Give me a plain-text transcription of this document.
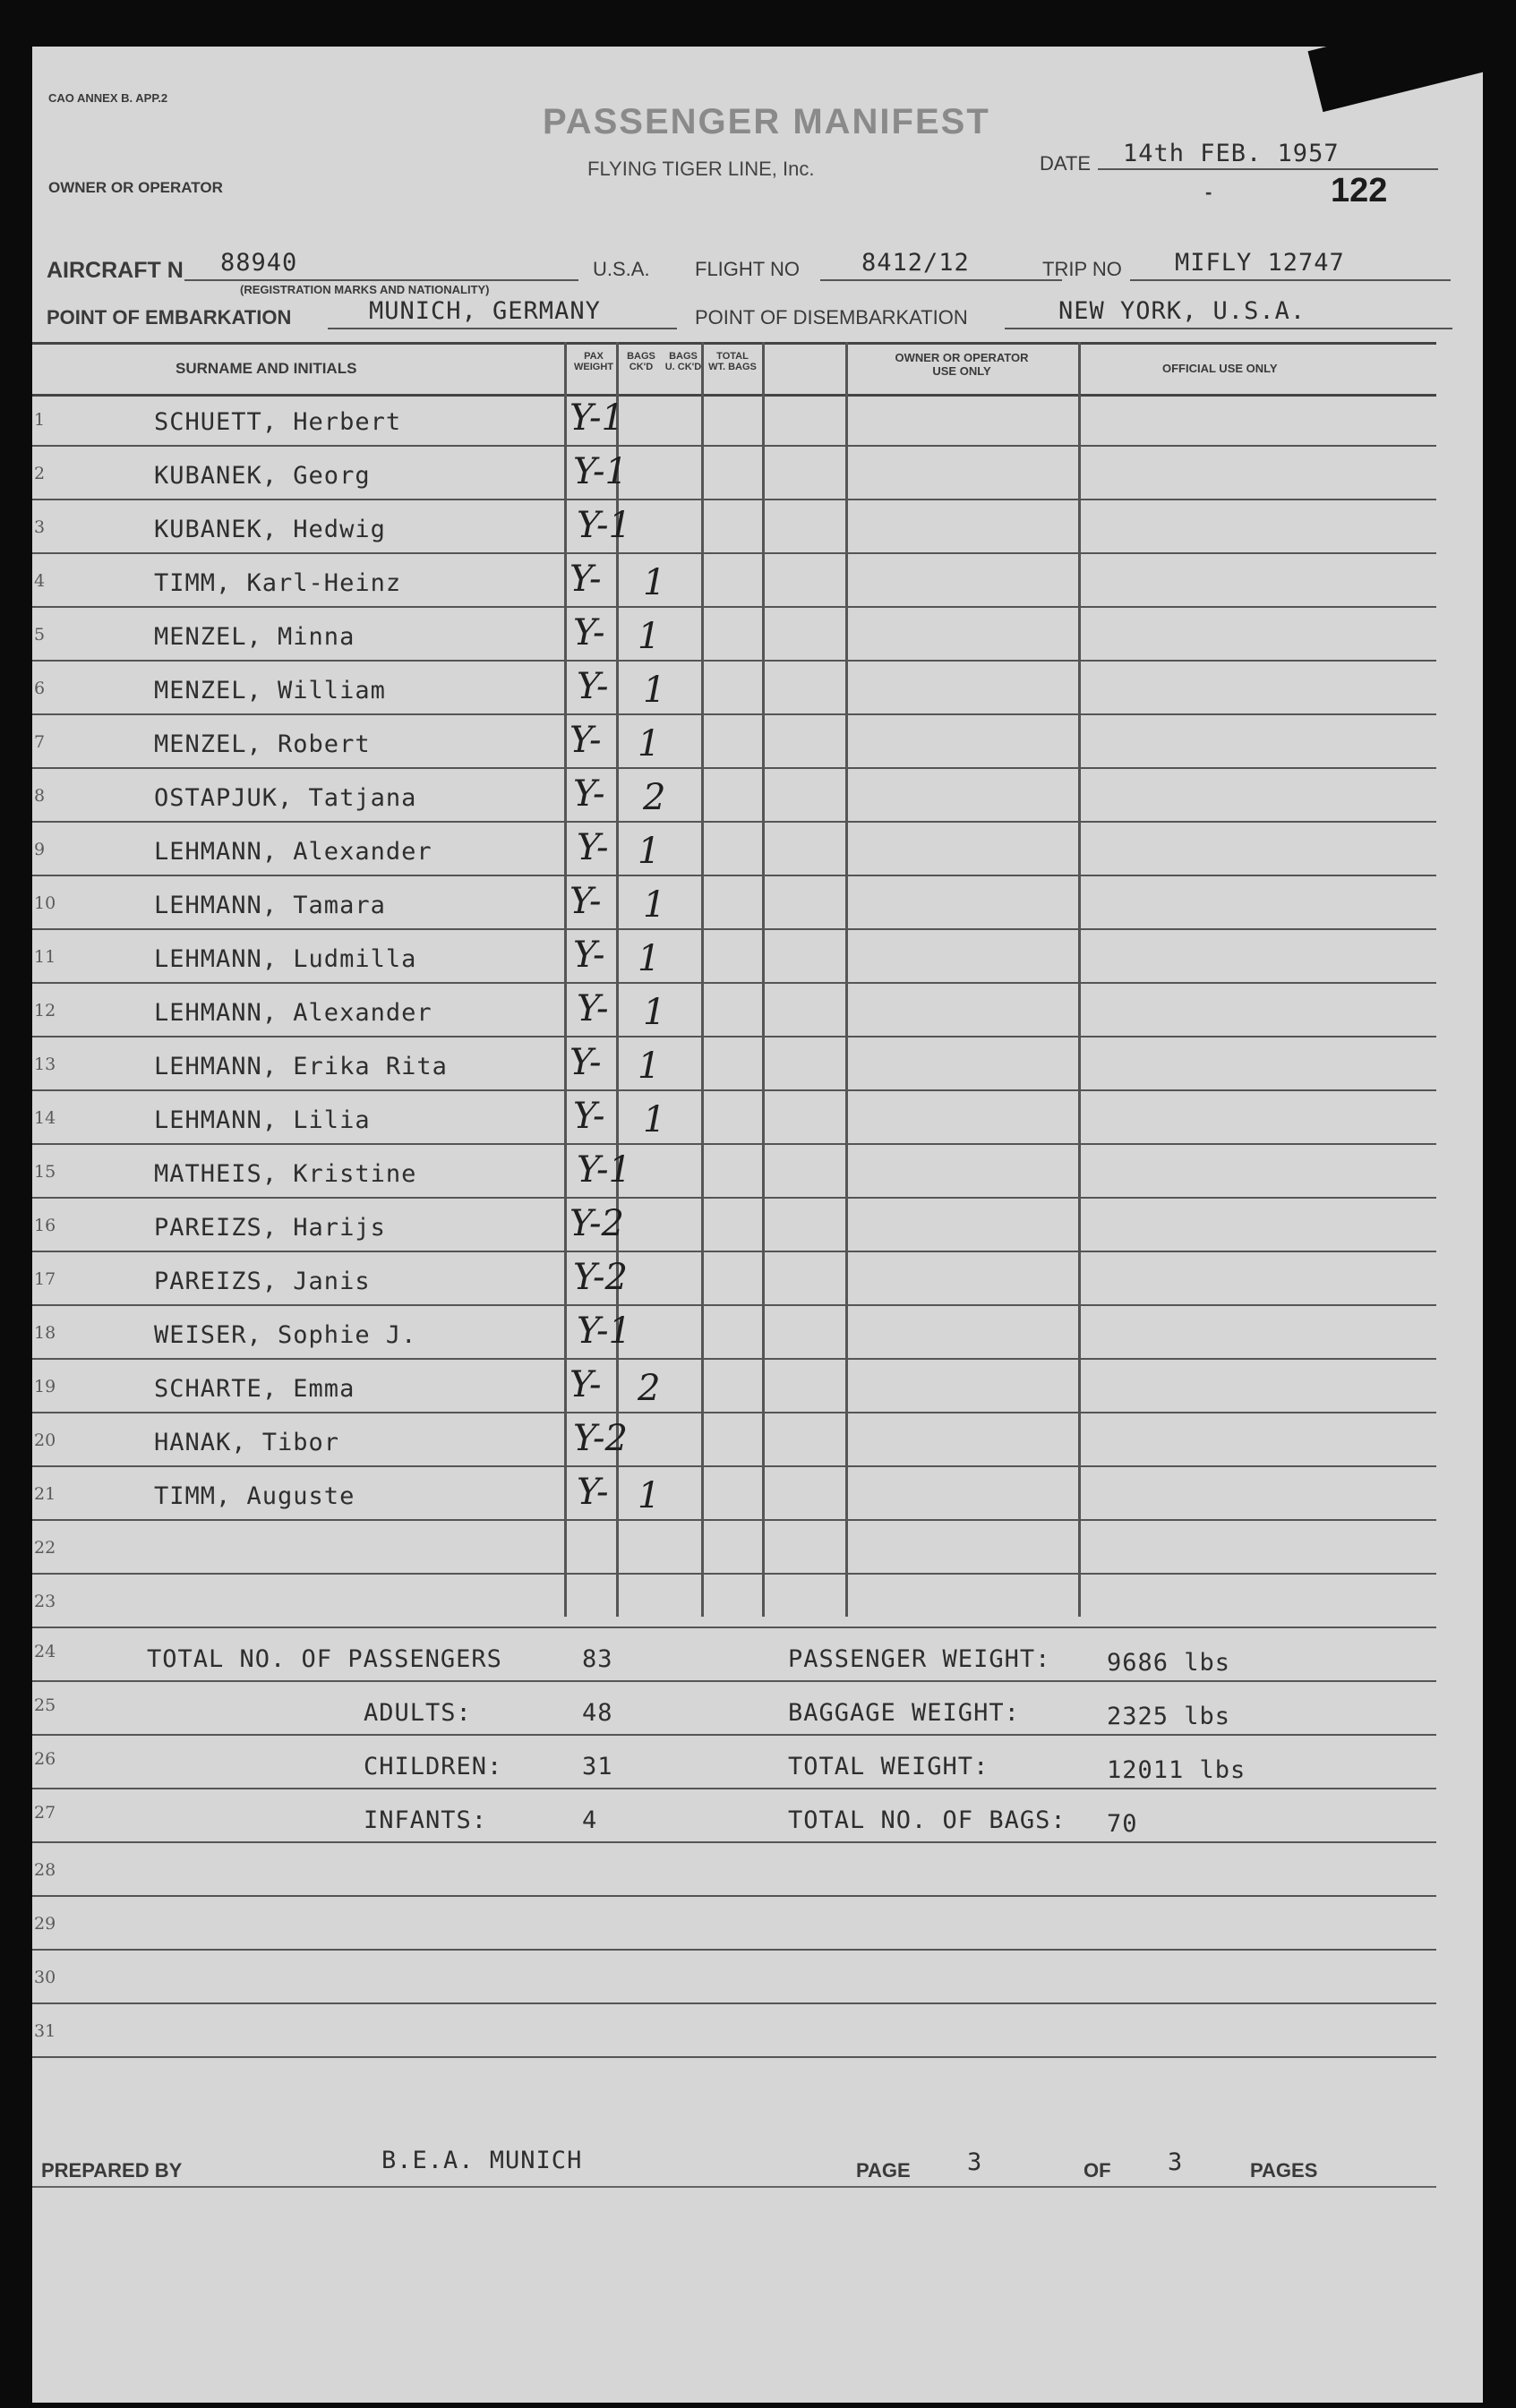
CAO ANNEX B. APP.2
PASSENGER MANIFEST
FLYING TIGER LINE, Inc.
OWNER OR OPERATOR
DATE 14th FEB. 1957
-	122
AIRCRAFT N 88940
(REGISTRATION MARKS AND NATIONALITY)
U.S.A. FLIGHT NO	8412/12	TRIP NO MIFLY 12747
POINT OF EMBARKATION	MUNICH, GERMANY	POINT OF DISEMBARKATION	NEW YORK, U.S.A.
SURNAME AND INITIALS
PAX
WEIGHT
BAGS
CK'D
BAGS
U. CK'D
TOTAL
WT. BAGS
OWNER OR OPERATOR
USE ONLY	OFFICIAL USE ONLY
1	SCHUETT, Herbert	Y-1
2	KUBANEK, Georg	Y-1
3	KUBANEK, Hedwig	Y-1
4	TIMM, Karl-Heinz	Y- 1
5	MENZEL, Minna	Y- 1
6	MENZEL, William	Y- 1
7	MENZEL, Robert	Y- 1
8	OSTAPJUK, Tatjana	Y- 2
9	LEHMANN, Alexander	Y- 1
10	LEHMANN, Tamara	Y- 1
11	LEHMANN, Ludmilla	Y- 1
12	LEHMANN, Alexander	Y- 1
13	LEHMANN, Erika Rita	Y- 1
14	LEHMANN, Lilia	Y- 1
15	MATHEIS, Kristine	Y-1
16	PAREIZS, Harijs	Y-2
17	PAREIZS, Janis	Y-2
18	WEISER, Sophie J.	Y-1
19	SCHARTE, Emma	Y- 2
20	HANAK, Tibor	Y-2
21	TIMM, Auguste	Y- 1
22
23
24	TOTAL NO. OF PASSENGERS	83	PASSENGER WEIGHT: 9686 lbs
25	ADULTS:	48	BAGGAGE WEIGHT:	2325 lbs
26	CHILDREN:	31	TOTAL WEIGHT:	12011 lbs
27	INFANTS:	4	TOTAL NO. OF BAGS: 70
28
29
30
31
PREPARED BY	B.E.A. MUNICH	PAGE 3	OF 3	PAGES
